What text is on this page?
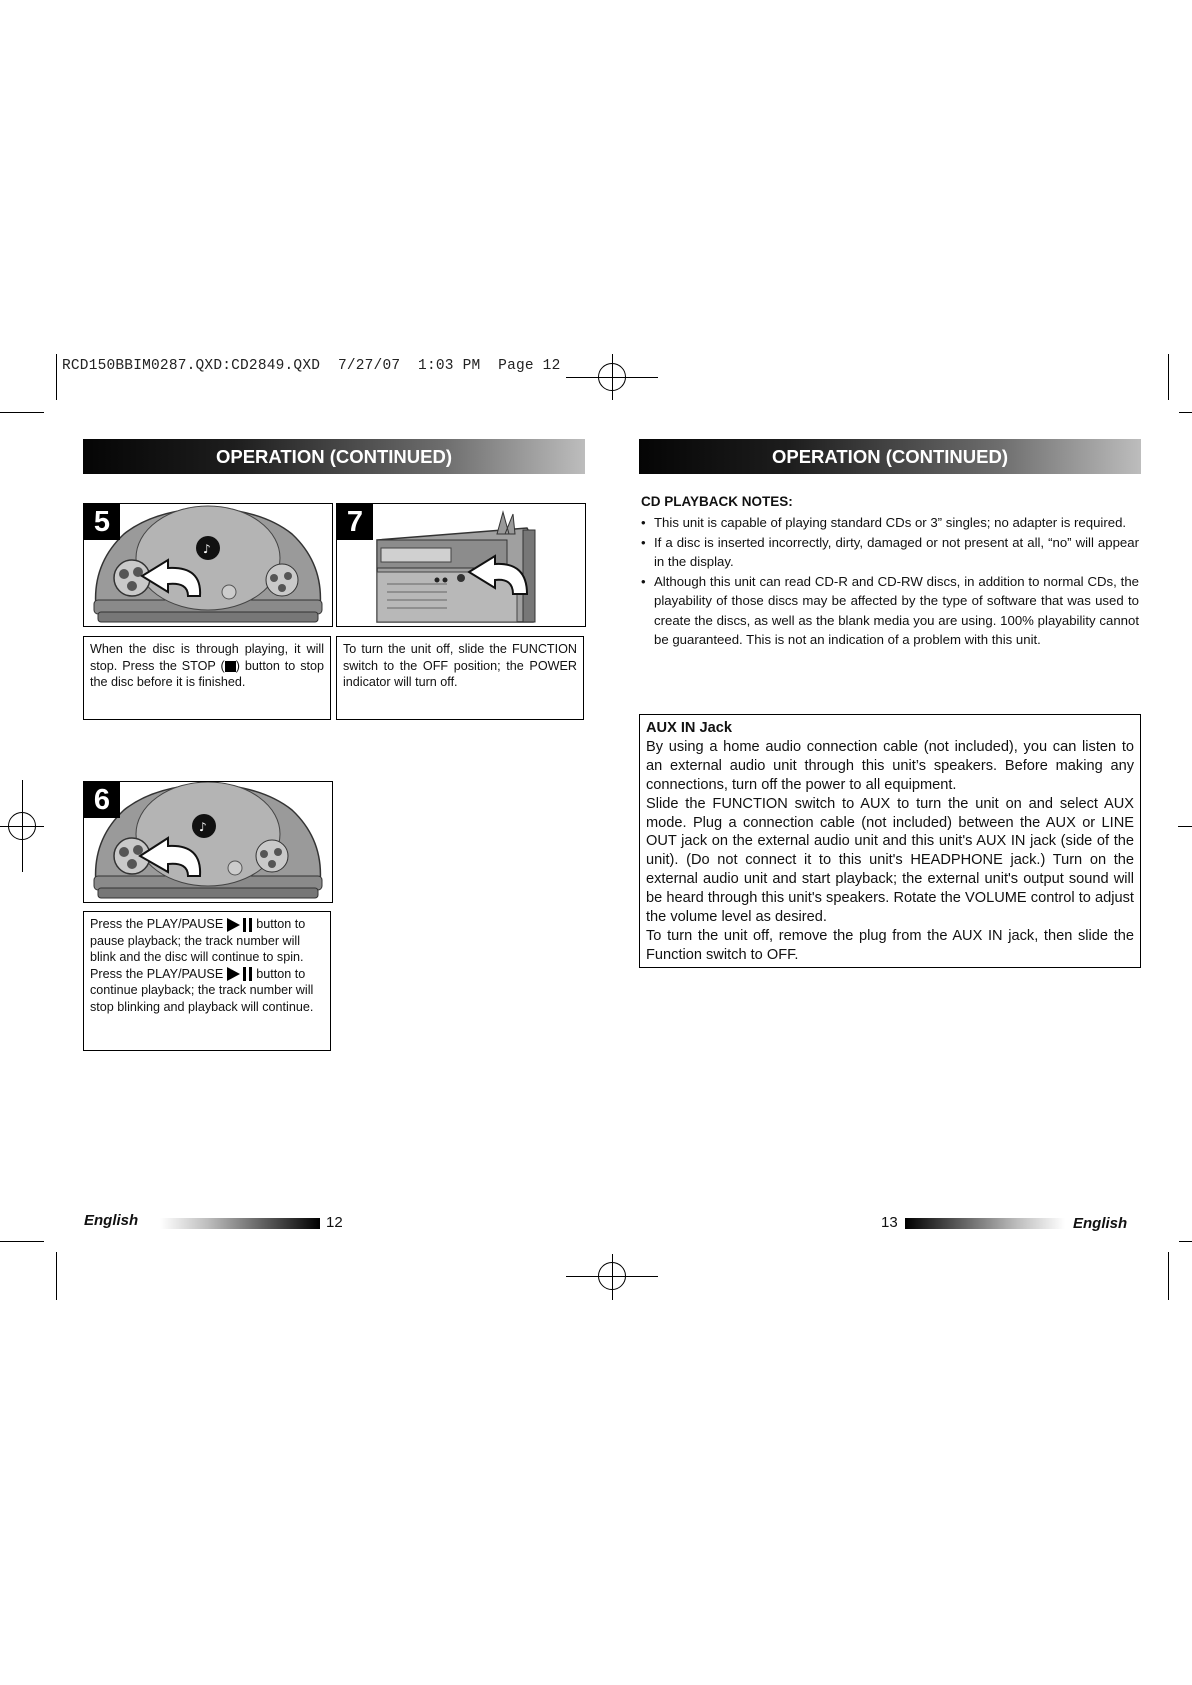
RCD150BBIM0287.QXD:CD2849.QXD  7/27/07  1:03 PM  Page 12
OPERATION (CONTINUED)
5
♪
7
When the disc is through playing, it will stop. Press the STOP ( ) button to stop the disc before it is finished.
To turn the unit off, slide the FUNCTION switch to the OFF position; the POWER indicator will turn off.
6
♪
Press the PLAY/PAUSE  button to
pause playback; the track number will
blink and the disc will continue to spin.
Press the PLAY/PAUSE  button to
continue playback; the track number will
stop blinking and playback will continue.
English	12
OPERATION (CONTINUED)
CD PLAYBACK NOTES:
• This unit is capable of playing standard CDs or 3” singles; no adapter is required.
• If a disc is inserted incorrectly, dirty, damaged or not present at all, “no” will appear in the display.
• Although this unit can read CD-R and CD-RW discs, in addition to normal CDs, the playability of those discs may be affected by the type of software that was used to create the discs, as well as the blank media you are using. 100% playability cannot be guaranteed. This is not an indication of a problem with this unit.
AUX IN Jack

By using a home audio connection cable (not included), you can listen to an external audio unit through this unit’s speakers. Before making any connections, turn off the power to all equipment.

Slide the FUNCTION switch to AUX to turn the unit on and select AUX mode. Plug a connection cable (not included) between the AUX or LINE OUT jack on the external audio unit and this unit's AUX IN jack (side of the unit). (Do not connect it to this unit's HEADPHONE jack.) Turn on the external audio unit and start playback; the external unit's output sound will be heard through this unit's speakers. Rotate the VOLUME control to adjust the volume level as desired.

To turn the unit off, remove the plug from the AUX IN jack, then slide the Function switch to OFF.

13	English
